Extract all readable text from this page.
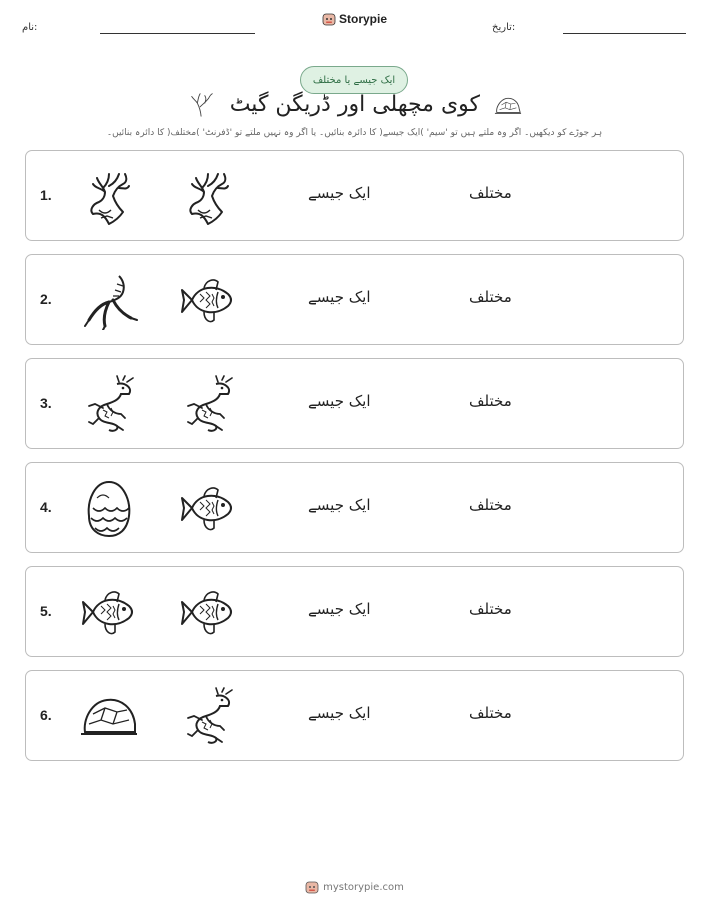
نام:
Storypie
تاریخ:
ایک جیسے یا مختلف
کوی مچھلی اور ڈریگن گیٹ
ہر جوڑے کو دیکھیں۔ اگر وہ ملتے ہیں تو 'سیم' )ایک جیسے( کا دائرہ بنائیں۔ یا اگر وہ نہیں ملتے تو 'ڈفرنٹ' )مختلف( کا دائرہ بنائیں۔
1.	ایک جیسے	مختلف
2.	ایک جیسے	مختلف
3.	ایک جیسے	مختلف
4.	ایک جیسے	مختلف
5.	ایک جیسے	مختلف
6.	ایک جیسے	مختلف
mystorypie.com
